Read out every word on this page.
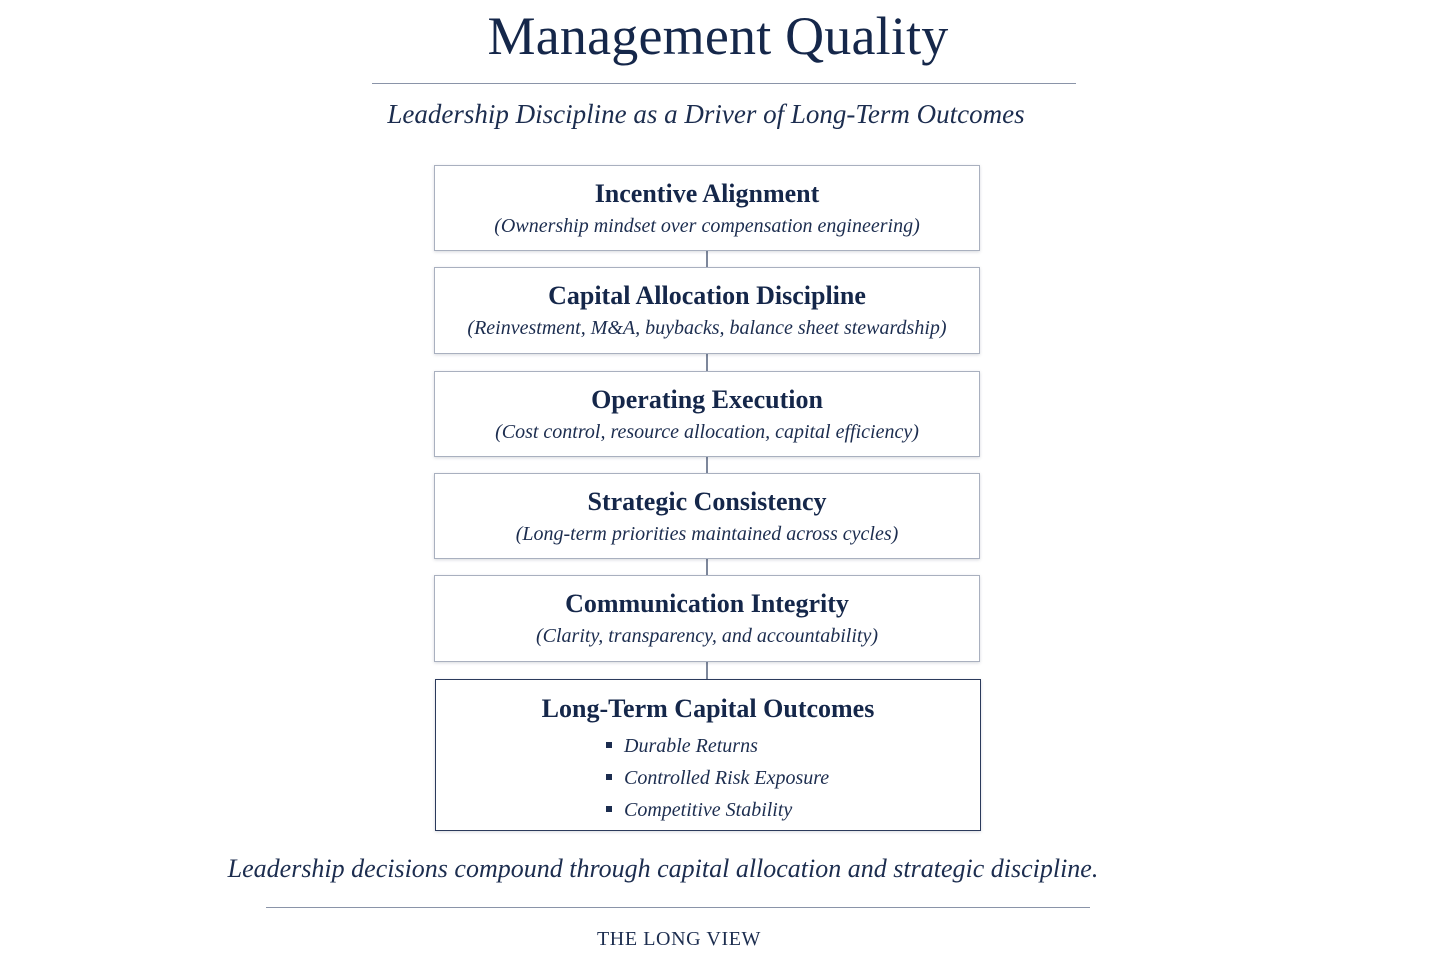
Management Quality
Leadership Discipline as a Driver of Long-Term Outcomes
Incentive Alignment
(Ownership mindset over compensation engineering)
Capital Allocation Discipline
(Reinvestment, M&A, buybacks, balance sheet stewardship)
Operating Execution
(Cost control, resource allocation, capital efficiency)
Strategic Consistency
(Long-term priorities maintained across cycles)
Communication Integrity
(Clarity, transparency, and accountability)
Long-Term Capital Outcomes
Durable Returns
Controlled Risk Exposure
Competitive Stability
Leadership decisions compound through capital allocation and strategic discipline.
THE LONG VIEW
